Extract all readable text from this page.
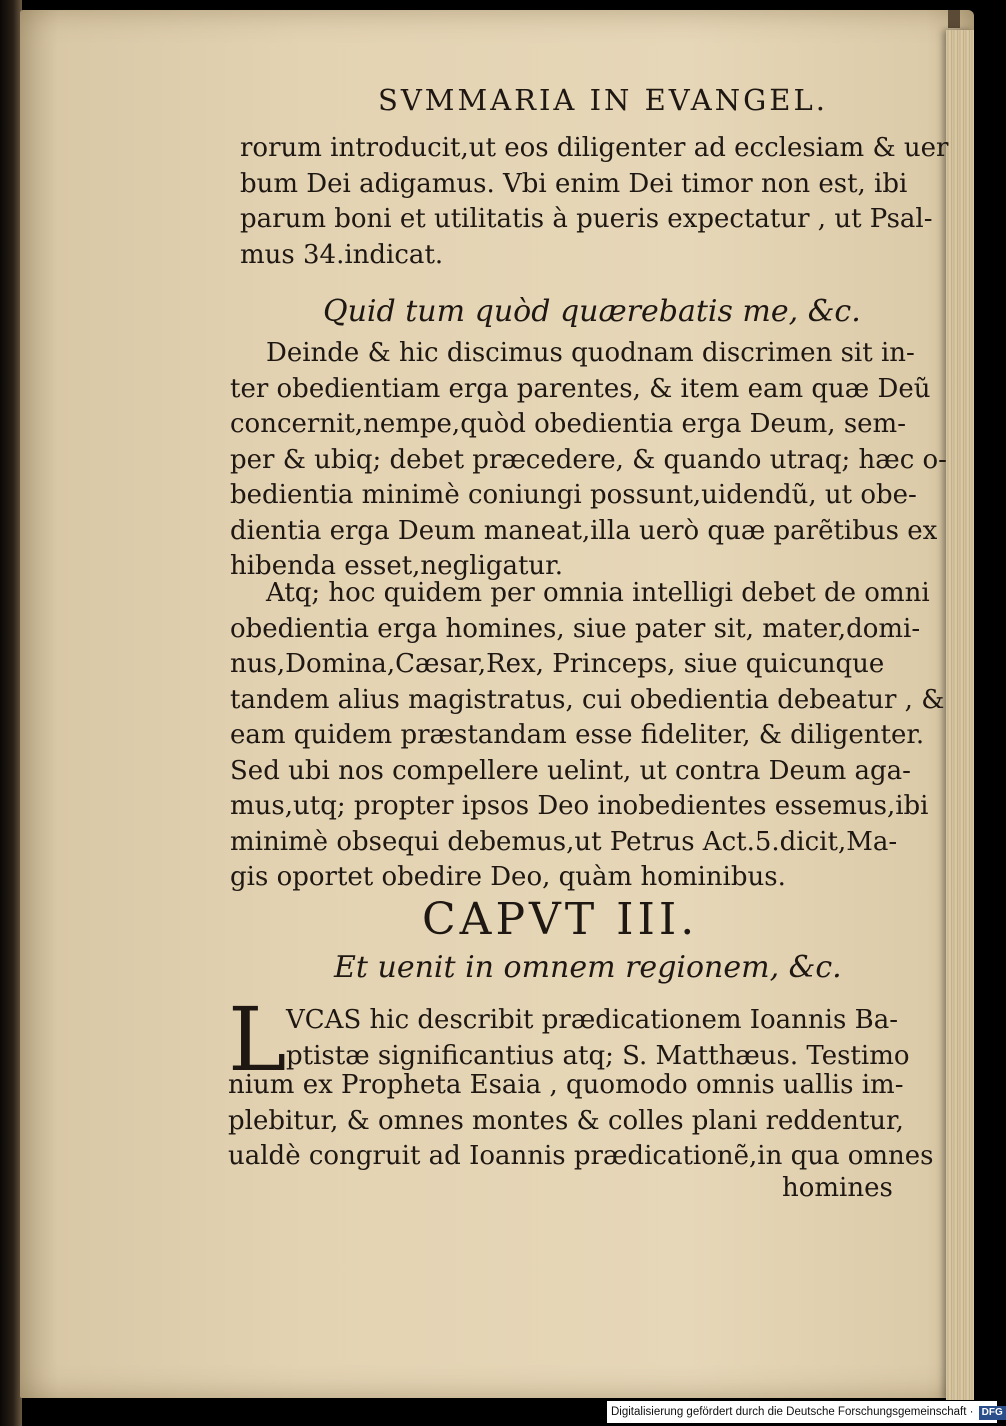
SVMMARIA IN EVANGEL.
rorum introducit,ut eos diligenter ad ecclesiam & uer
bum Dei adigamus. Vbi enim Dei timor non est, ibi
parum boni et utilitatis à pueris expectatur , ut Psal-
mus 34.indicat.
Quid tum quòd quærebatis me, &c.
Deinde & hic discimus quodnam discrimen sit in-
ter obedientiam erga parentes, & item eam quæ Deũ
concernit,nempe,quòd obedientia erga Deum, sem-
per & ubiq; debet præcedere, & quando utraq; hæc o-
bedientia minimè coniungi possunt,uidendũ, ut obe-
dientia erga Deum maneat,illa uerò quæ parẽtibus ex
hibenda esset,negligatur.
Atq; hoc quidem per omnia intelligi debet de omni
obedientia erga homines, siue pater sit, mater,domi-
nus,Domina,Cæsar,Rex, Princeps, siue quicunque
tandem alius magistratus, cui obedientia debeatur , &
eam quidem præstandam esse fideliter, & diligenter.
Sed ubi nos compellere uelint, ut contra Deum aga-
mus,utq; propter ipsos Deo inobedientes essemus,ibi
minimè obsequi debemus,ut Petrus Act.5.dicit,Ma-
gis oportet obedire Deo, quàm hominibus.
CAPVT III.
Et uenit in omnem regionem, &c.
L VCAS hic describit prædicationem Ioannis Ba-
ptistæ significantius atq; S. Matthæus. Testimo
nium ex Propheta Esaia , quomodo omnis uallis im-
plebitur, & omnes montes & colles plani reddentur,
ualdè congruit ad Ioannis prædicationẽ,in qua omnes
homines
Digitalisierung gefördert durch die Deutsche Forschungsgemeinschaft · DFG
